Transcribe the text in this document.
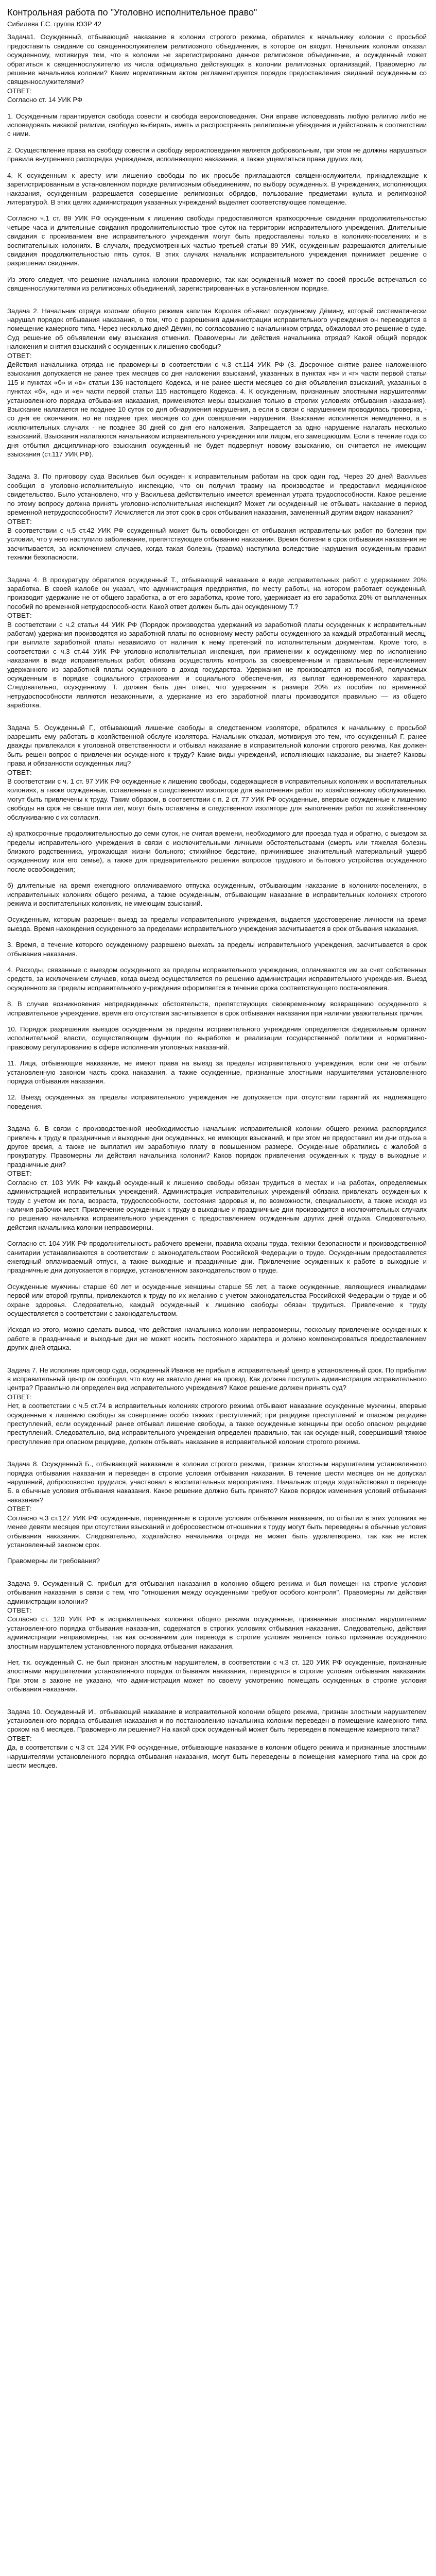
Контрольная работа по "Уголовно исполнительное право"
Сибилева Г.С. группа ЮЗР 42

Задача1. Осужденный, отбывающий наказание в колонии строгого режима, обратился к начальнику колонии с просьбой предоставить свидание со священнослужителем религиозного объединения, в которое он входит. Начальник колонии отказал осужденному, мотивируя тем, что в колонии не зарегистрировано данное религиозное объединение, а осужденный может обратиться к священнослужителю из числа официально действующих в колонии религиозных организаций. Правомерно ли решение начальника колонии? Каким нормативным актом регламентируется порядок предоставления свиданий осужденным со священнослужителями?

ОТВЕТ:

Согласно ст. 14 УИК РФ

1. Осужденным гарантируется свобода совести и свобода вероисповедания. Они вправе исповедовать любую религию либо не исповедовать никакой религии, свободно выбирать, иметь и распространять религиозные убеждения и действовать в соответствии с ними.

2. Осуществление права на свободу совести и свободу вероисповедания является добровольным, при этом не должны нарушаться правила внутреннего распорядка учреждения, исполняющего наказания, а также ущемляться права других лиц.

4. К осужденным к аресту или лишению свободы по их просьбе приглашаются священнослужители, принадлежащие к зарегистрированным в установленном порядке религиозным объединениям, по выбору осужденных. В учреждениях, исполняющих наказания, осужденным разрешается совершение религиозных обрядов, пользование предметами культа и религиозной литературой. В этих целях администрация указанных учреждений выделяет соответствующее помещение.

Согласно ч.1 ст. 89 УИК РФ осужденным к лишению свободы предоставляются краткосрочные свидания продолжительностью четыре часа и длительные свидания продолжительностью трое суток на территории исправительного учреждения. Длительные свидания с проживанием вне исправительного учреждения могут быть предоставлены только в колониях-поселениях и в воспитательных колониях. В случаях, предусмотренных частью третьей статьи 89 УИК, осужденным разрешаются длительные свидания продолжительностью пять суток. В этих случаях начальник исправительного учреждения принимает решение о разрешении свидания.

Из этого следует, что решение начальника колонии правомерно, так как осужденный может по своей просьбе встречаться со священнослужителями из религиозных объединений, зарегистрированных в установленном порядке.

Задача 2. Начальник отряда колонии общего режима капитан Королев объявил осужденному Дёмину, который систематически нарушал порядок отбывания наказания, о том, что с разрешения администрации исправительного учреждения он переводится в помещение камерного типа. Через несколько дней Дёмин, по согласованию с начальником отряда, обжаловал это решение в суде. Суд решение об объявлении ему взыскания отменил. Правомерны ли действия начальника отряда? Какой общий порядок наложения и снятия взысканий с осужденных к лишению свободы?

ОТВЕТ:

Действия начальника отряда не правомерны в соответствии с ч.3 ст.114 УИК РФ (3. Досрочное снятие ранее наложенного взыскания допускается не ранее трех месяцев со дня наложения взысканий, указанных в пунктах «в» и «г» части первой статьи 115 и пунктах «б» и «в» статьи 136 настоящего Кодекса, и не ранее шести месяцев со дня объявления взысканий, указанных в пунктах «б», «д» и «е» части первой статьи 115 настоящего Кодекса. 4. К осужденным, признанным злостными нарушителями установленного порядка отбывания наказания, применяются меры взыскания только в строгих условиях отбывания наказания). Взыскание налагается не позднее 10 суток со дня обнаружения нарушения, а если в связи с нарушением проводилась проверка, - со дня ее окончания, но не позднее трех месяцев со дня совершения нарушения. Взыскание исполняется немедленно, а в исключительных случаях - не позднее 30 дней со дня его наложения. Запрещается за одно нарушение налагать несколько взысканий. Взыскания налагаются начальником исправительного учреждения или лицом, его замещающим. Если в течение года со дня отбытия дисциплинарного взыскания осужденный не будет подвергнут новому взысканию, он считается не имеющим взыскания (ст.117 УИК РФ).

Задача 3. По приговору суда Васильев был осужден к исправительным работам на срок один год. Через 20 дней Васильев сообщил в уголовно-исполнительную инспекцию, что он получил травму на производстве и предоставил медицинское свидетельство. Было установлено, что у Васильева действительно имеется временная утрата трудоспособности. Какое решение по этому вопросу должна принять уголовно-исполнительная инспекция? Может ли осужденный не отбывать наказание в период временной нетрудоспособности? Исчисляется ли этот срок в срок отбывания наказания, замененный другим видом наказания?

ОТВЕТ:

В соответствии с ч.5 ст.42 УИК РФ осужденный может быть освобожден от отбывания исправительных работ по болезни при условии, что у него наступило заболевание, препятствующее отбыванию наказания. Время болезни в срок отбывания наказания не засчитывается, за исключением случаев, когда такая болезнь (травма) наступила вследствие нарушения осужденным правил техники безопасности.

Задача 4. В прокуратуру обратился осужденный Т., отбывающий наказание в виде исправительных работ с удержанием 20% заработка. В своей жалобе он указал, что администрация предприятия, по месту работы, на котором работает осужденный, производит удержание не от общего заработка, а от его заработка, кроме того, удерживает из его заработка 20% от выплаченных пособий по временной нетрудоспособности. Какой ответ должен быть дан осужденному Т.?

ОТВЕТ:

В соответствии с ч.2 статьи 44 УИК РФ (Порядок производства удержаний из заработной платы осужденных к исправительным работам) удержания производятся из заработной платы по основному месту работы осужденного за каждый отработанный месяц, при выплате заработной платы независимо от наличия к нему претензий по исполнительным документам. Кроме того, в соответствии с ч.3 ст.44 УИК РФ уголовно-исполнительная инспекция, при применении к осужденному мер по исполнению наказания в виде исправительных работ, обязана осуществлять контроль за своевременным и правильным перечислением удержанного из заработной платы осужденного в доход государства. Удержания не производятся из пособий, получаемых осужденным в порядке социального страхования и социального обеспечения, из выплат единовременного характера. Следовательно, осужденному Т. должен быть дан ответ, что удержания в размере 20% из пособия по временной нетрудоспособности являются незаконными, а удержание из его заработной платы производится правильно — из общего заработка.

Задача 5. Осужденный Г., отбывающий лишение свободы в следственном изоляторе, обратился к начальнику с просьбой разрешить ему работать в хозяйственной обслуге изолятора. Начальник отказал, мотивируя это тем, что осужденный Г. ранее дважды привлекался к уголовной ответственности и отбывал наказание в исправительной колонии строгого режима. Как должен быть решен вопрос о привлечении осужденного к труду? Какие виды учреждений, исполняющих наказание, вы знаете? Каковы права и обязанности осужденных лиц?

ОТВЕТ:

В соответствии с ч. 1 ст. 97 УИК РФ осужденные к лишению свободы, содержащиеся в исправительных колониях и воспитательных колониях, а также осужденные, оставленные в следственном изоляторе для выполнения работ по хозяйственному обслуживанию, могут быть привлечены к труду. Таким образом, в соответствии с п. 2 ст. 77 УИК РФ осужденные, впервые осужденные к лишению свободы на срок не свыше пяти лет, могут быть оставлены в следственном изоляторе для выполнения работ по хозяйственному обслуживанию с их согласия.

а) краткосрочные продолжительностью до семи суток, не считая времени, необходимого для проезда туда и обратно, с выездом за пределы исправительного учреждения в связи с исключительными личными обстоятельствами (смерть или тяжелая болезнь близкого родственника, угрожающая жизни больного; стихийное бедствие, причинившее значительный материальный ущерб осужденному или его семье), а также для предварительного решения вопросов трудового и бытового устройства осужденного после освобождения;

б) длительные на время ежегодного оплачиваемого отпуска осужденным, отбывающим наказание в колониях-поселениях, в исправительных колониях общего режима, а также осужденным, отбывающим наказание в исправительных колониях строгого режима и воспитательных колониях, не имеющим взысканий.

Осужденным, которым разрешен выезд за пределы исправительного учреждения, выдается удостоверение личности на время выезда. Время нахождения осужденного за пределами исправительного учреждения засчитывается в срок отбывания наказания.

3. Время, в течение которого осужденному разрешено выехать за пределы исправительного учреждения, засчитывается в срок отбывания наказания.

4. Расходы, связанные с выездом осужденного за пределы исправительного учреждения, оплачиваются им за счет собственных средств, за исключением случаев, когда выезд осуществляется по решению администрации исправительного учреждения. Выезд осужденного за пределы исправительного учреждения оформляется в течение срока соответствующего постановления.

8. В случае возникновения непредвиденных обстоятельств, препятствующих своевременному возвращению осужденного в исправительное учреждение, время его отсутствия засчитывается в срок отбывания наказания при наличии уважительных причин.

10. Порядок разрешения выездов осужденным за пределы исправительного учреждения определяется федеральным органом исполнительной власти, осуществляющим функции по выработке и реализации государственной политики и нормативно-правовому регулированию в сфере исполнения уголовных наказаний.

11. Лица, отбывающие наказание, не имеют права на выезд за пределы исправительного учреждения, если они не отбыли установленную законом часть срока наказания, а также осужденные, признанные злостными нарушителями установленного порядка отбывания наказания.

12. Выезд осужденных за пределы исправительного учреждения не допускается при отсутствии гарантий их надлежащего поведения.

Задача 6. В связи с производственной необходимостью начальник исправительной колонии общего режима распорядился привлечь к труду в праздничные и выходные дни осужденных, не имеющих взысканий, и при этом не предоставил им дни отдыха в другое время, а также не выплатил им заработную плату в повышенном размере. Осужденные обратились с жалобой в прокуратуру. Правомерны ли действия начальника колонии? Каков порядок привлечения осужденных к труду в выходные и праздничные дни?

ОТВЕТ:

Согласно ст. 103 УИК РФ каждый осужденный к лишению свободы обязан трудиться в местах и на работах, определяемых администрацией исправительных учреждений. Администрация исправительных учреждений обязана привлекать осужденных к труду с учетом их пола, возраста, трудоспособности, состояния здоровья и, по возможности, специальности, а также исходя из наличия рабочих мест. Привлечение осужденных к труду в выходные и праздничные дни производится в исключительных случаях по решению начальника исправительного учреждения с предоставлением осужденным других дней отдыха. Следовательно, действия начальника колонии неправомерны.

Согласно ст. 104 УИК РФ продолжительность рабочего времени, правила охраны труда, техники безопасности и производственной санитарии устанавливаются в соответствии с законодательством Российской Федерации о труде. Осужденным предоставляется ежегодный оплачиваемый отпуск, а также выходные и праздничные дни. Привлечение осужденных к работе в выходные и праздничные дни допускается в порядке, установленном законодательством о труде.

Осужденные мужчины старше 60 лет и осужденные женщины старше 55 лет, а также осужденные, являющиеся инвалидами первой или второй группы, привлекаются к труду по их желанию с учетом законодательства Российской Федерации о труде и об охране здоровья. Следовательно, каждый осужденный к лишению свободы обязан трудиться. Привлечение к труду осуществляется в соответствии с законодательством.

Исходя из этого, можно сделать вывод, что действия начальника колонии неправомерны, поскольку привлечение осужденных к работе в праздничные и выходные дни не может носить постоянного характера и должно компенсироваться предоставлением других дней отдыха.

Задача 7. Не исполнив приговор суда, осужденный Иванов не прибыл в исправительный центр в установленный срок. По прибытии в исправительный центр он сообщил, что ему не хватило денег на проезд. Как должна поступить администрация исправительного центра? Правильно ли определен вид исправительного учреждения? Какое решение должен принять суд?

ОТВЕТ:

Нет, в соответствии с ч.5 ст.74 в исправительных колониях строгого режима отбывают наказание осужденные мужчины, впервые осужденные к лишению свободы за совершение особо тяжких преступлений; при рецидиве преступлений и опасном рецидиве преступлений, если осужденный ранее отбывал лишение свободы, а также осужденные женщины при особо опасном рецидиве преступлений. Следовательно, вид исправительного учреждения определен правильно, так как осужденный, совершивший тяжкое преступление при опасном рецидиве, должен отбывать наказание в исправительной колонии строгого режима.

Задача 8. Осужденный Б., отбывающий наказание в колонии строгого режима, признан злостным нарушителем установленного порядка отбывания наказания и переведен в строгие условия отбывания наказания. В течение шести месяцев он не допускал нарушений, добросовестно трудился, участвовал в воспитательных мероприятиях. Начальник отряда ходатайствовал о переводе Б. в обычные условия отбывания наказания. Какое решение должно быть принято? Каков порядок изменения условий отбывания наказания?

ОТВЕТ:

Согласно ч.3 ст.127 УИК РФ осужденные, переведенные в строгие условия отбывания наказания, по отбытии в этих условиях не менее девяти месяцев при отсутствии взысканий и добросовестном отношении к труду могут быть переведены в обычные условия отбывания наказания. Следовательно, ходатайство начальника отряда не может быть удовлетворено, так как не истек установленный законом срок.

Правомерны ли требования?

Задача 9. Осужденный С. прибыл для отбывания наказания в колонию общего режима и был помещен на строгие условия отбывания наказания в связи с тем, что "отношения между осужденными требуют особого контроля". Правомерны ли действия администрации колонии?

ОТВЕТ:

Согласно ст. 120 УИК РФ в исправительных колониях общего режима осужденные, признанные злостными нарушителями установленного порядка отбывания наказания, содержатся в строгих условиях отбывания наказания. Следовательно, действия администрации неправомерны, так как основанием для перевода в строгие условия является только признание осужденного злостным нарушителем установленного порядка отбывания наказания.

Нет, т.к. осужденный С. не был признан злостным нарушителем, в соответствии с ч.3 ст. 120 УИК РФ осужденные, признанные злостными нарушителями установленного порядка отбывания наказания, переводятся в строгие условия отбывания наказания. При этом в законе не указано, что администрация может по своему усмотрению помещать осужденных в строгие условия отбывания наказания.

Задача 10. Осужденный И., отбывающий наказание в исправительной колонии общего режима, признан злостным нарушителем установленного порядка отбывания наказания и по постановлению начальника колонии переведен в помещение камерного типа сроком на 6 месяцев. Правомерно ли решение? На какой срок осужденный может быть переведен в помещение камерного типа?

ОТВЕТ:

Да, в соответствии с ч.3 ст. 124 УИК РФ осужденные, отбывающие наказание в колонии общего режима и признанные злостными нарушителями установленного порядка отбывания наказания, могут быть переведены в помещения камерного типа на срок до шести месяцев.
